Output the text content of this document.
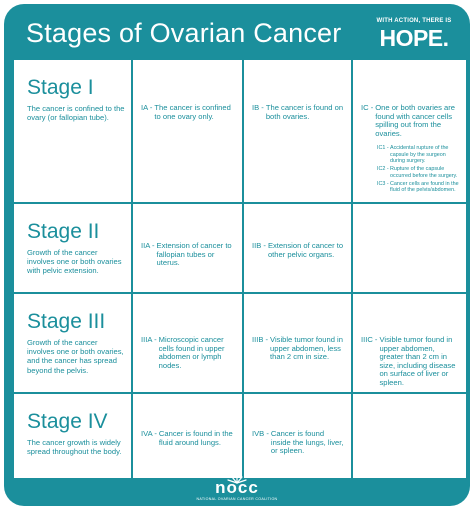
Stages of Ovarian Cancer	WITH ACTION, THERE IS
HOPE.
Stage I
The cancer is confined to the ovary (or fallopian tube).
IA - The cancer is confined to one ovary only.
IB - The cancer is found on both ovaries.
IC - One or both ovaries are found with cancer cells spilling out from the ovaries.
IC1 - Accidental rupture of the capsule by the surgeon during surgery.
IC2 - Rupture of the capsule occurred before the surgery.
IC3 - Cancer cells are found in the fluid of the pelvis/abdomen.
Stage II
Growth of the cancer involves one or both ovaries with pelvic extension.
IIA - Extension of cancer to fallopian tubes or uterus.
IIB - Extension of cancer to other pelvic organs.
Stage III
Growth of the cancer involves one or both ovaries, and the cancer has spread beyond the pelvis.
IIIA - Microscopic cancer cells found in upper abdomen or lymph nodes.
IIIB - Visible tumor found in upper abdomen, less than 2 cm in size.
IIIC - Visible tumor found in upper abdomen, greater than 2 cm in size, including disease on surface of liver or spleen.
Stage IV
The cancer growth is widely spread throughout the body.
IVA - Cancer is found in the fluid around lungs.
IVB - Cancer is found inside the lungs, liver, or spleen.
nocc
NATIONAL OVARIAN CANCER COALITION
